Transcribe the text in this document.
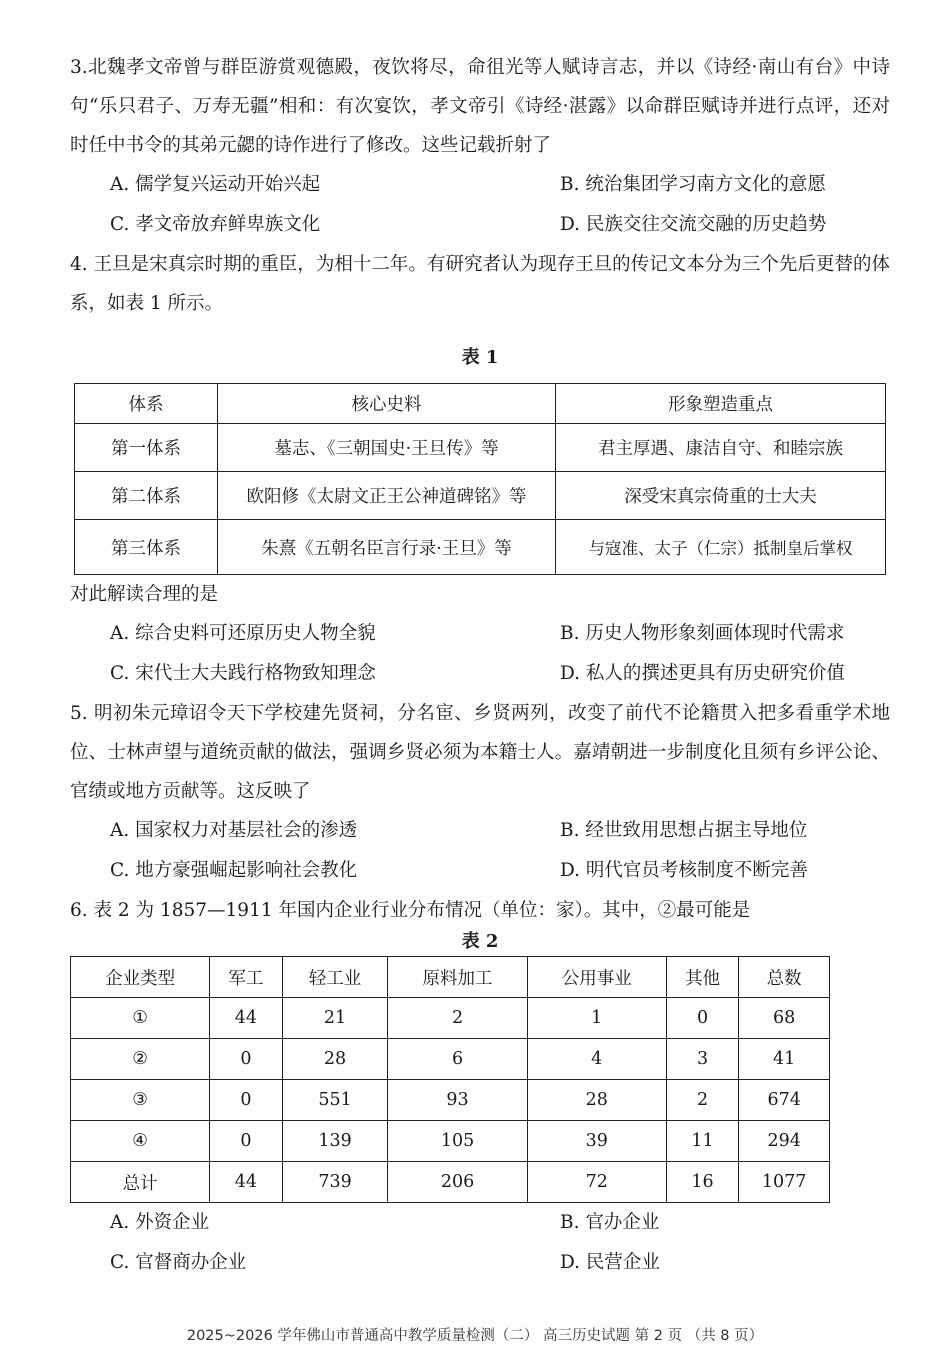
3.北魏孝文帝曾与群臣游赏观德殿，夜饮将尽，命徂光等人赋诗言志，并以《诗经·南山有台》中诗句“乐只君子、万寿无疆”相和：有次宴饮，孝文帝引《诗经·湛露》以命群臣赋诗并进行点评，还对时任中书令的其弟元勰的诗作进行了修改。这些记载折射了

A. 儒学复兴运动开始兴起	B. 统治集团学习南方文化的意愿
C. 孝文帝放弃鲜卑族文化	D. 民族交往交流交融的历史趋势

4. 王旦是宋真宗时期的重臣，为相十二年。有研究者认为现存王旦的传记文本分为三个先后更替的体系，如表 1 所示。

表 1
体系	核心史料	形象塑造重点
第一体系	墓志、《三朝国史·王旦传》等	君主厚遇、康洁自守、和睦宗族
第二体系	欧阳修《太尉文正王公神道碑铭》等	深受宋真宗倚重的士大夫
第三体系	朱熹《五朝名臣言行录·王旦》等	与寇准、太子（仁宗）抵制皇后掌权

对此解读合理的是

A. 综合史料可还原历史人物全貌	B. 历史人物形象刻画体现时代需求
C. 宋代士大夫践行格物致知理念	D. 私人的撰述更具有历史研究价值

5. 明初朱元璋诏令天下学校建先贤祠，分名宦、乡贤两列，改变了前代不论籍贯入把多看重学术地位、士林声望与道统贡献的做法，强调乡贤必须为本籍士人。嘉靖朝进一步制度化且须有乡评公论、官绩或地方贡献等。这反映了

A. 国家权力对基层社会的渗透	B. 经世致用思想占据主导地位
C. 地方豪强崛起影响社会教化	D. 明代官员考核制度不断完善

6. 表 2 为 1857—1911 年国内企业行业分布情况（单位：家）。其中，②最可能是

表 2
企业类型	军工	轻工业	原料加工	公用事业	其他	总数
①	44	21	2	1	0	68
②	0	28	6	4	3	41
③	0	551	93	28	2	674
④	0	139	105	39	11	294
总计	44	739	206	72	16	1077
A. 外资企业	B. 官办企业
C. 官督商办企业	D. 民营企业
2025~2026 学年佛山市普通高中教学质量检测（二） 高三历史试题 第 2 页 （共 8 页）
